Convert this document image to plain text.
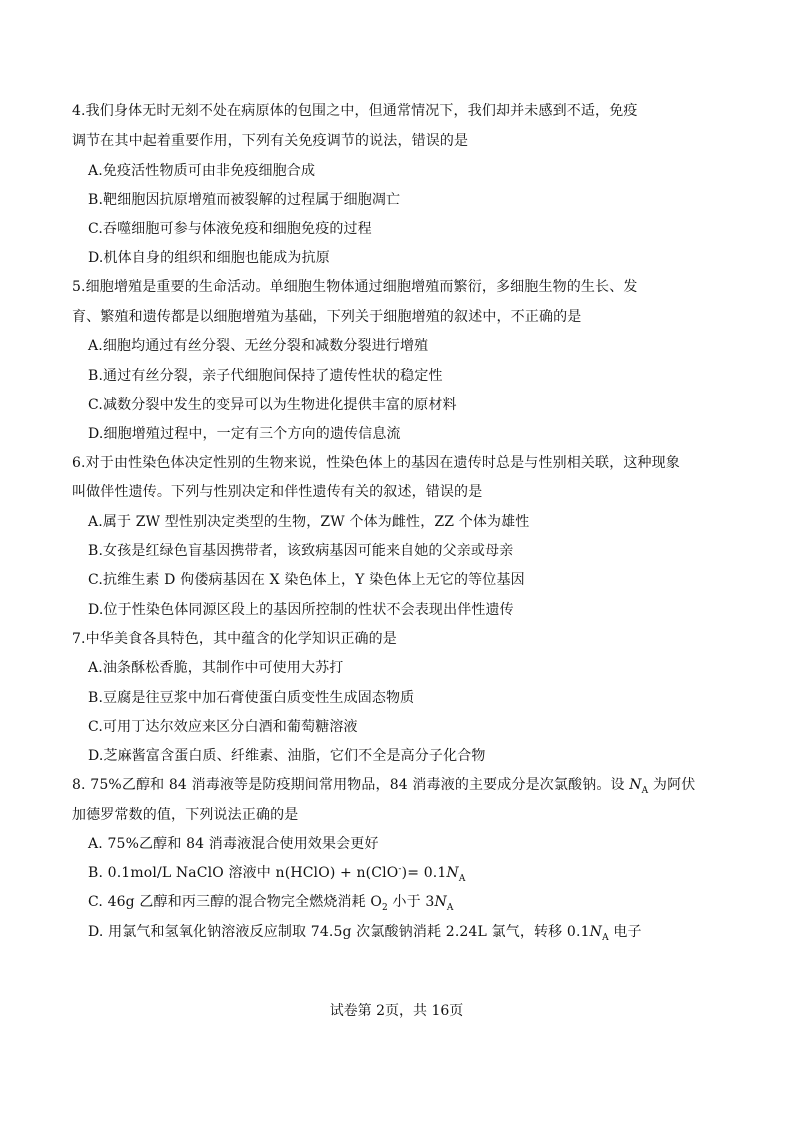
4.我们身体无时无刻不处在病原体的包围之中，但通常情况下，我们却并未感到不适，免疫
调节在其中起着重要作用，下列有关免疫调节的说法，错误的是
A.免疫活性物质可由非免疫细胞合成
B.靶细胞因抗原增殖而被裂解的过程属于细胞凋亡
C.吞噬细胞可参与体液免疫和细胞免疫的过程
D.机体自身的组织和细胞也能成为抗原
5.细胞增殖是重要的生命活动。单细胞生物体通过细胞增殖而繁衍，多细胞生物的生长、发
育、繁殖和遗传都是以细胞增殖为基础，下列关于细胞增殖的叙述中，不正确的是
A.细胞均通过有丝分裂、无丝分裂和减数分裂进行增殖
B.通过有丝分裂，亲子代细胞间保持了遗传性状的稳定性
C.减数分裂中发生的变异可以为生物进化提供丰富的原材料
D.细胞增殖过程中，一定有三个方向的遗传信息流
6.对于由性染色体决定性别的生物来说，性染色体上的基因在遗传时总是与性别相关联，这种现象
叫做伴性遗传。下列与性别决定和伴性遗传有关的叙述，错误的是
A.属于 ZW 型性别决定类型的生物，ZW 个体为雌性，ZZ 个体为雄性
B.女孩是红绿色盲基因携带者，该致病基因可能来自她的父亲或母亲
C.抗维生素 D 佝偻病基因在 X 染色体上，Y 染色体上无它的等位基因
D.位于性染色体同源区段上的基因所控制的性状不会表现出伴性遗传
7.中华美食各具特色，其中蕴含的化学知识正确的是
A.油条酥松香脆，其制作中可使用大苏打
B.豆腐是往豆浆中加石膏使蛋白质变性生成固态物质
C.可用丁达尔效应来区分白酒和葡萄糖溶液
D.芝麻酱富含蛋白质、纤维素、油脂，它们不全是高分子化合物
8. 75%乙醇和 84 消毒液等是防疫期间常用物品，84 消毒液的主要成分是次氯酸钠。设 $N_A$ 为阿伏
加德罗常数的值，下列说法正确的是
A. 75%乙醇和 84 消毒液混合使用效果会更好
B. 0.1mol/L NaClO 溶液中 n(HClO) + $n(ClO^-)= 0.1N_A$
C. 46g 乙醇和丙三醇的混合物完全燃烧消耗 $O_2$ 小于 $3N_A$
D. 用氯气和氢氧化钠溶液反应制取 74.5g 次氯酸钠消耗 2.24L 氯气，转移 $0.1N_A$ 电子
试卷第 2页，共 16页
